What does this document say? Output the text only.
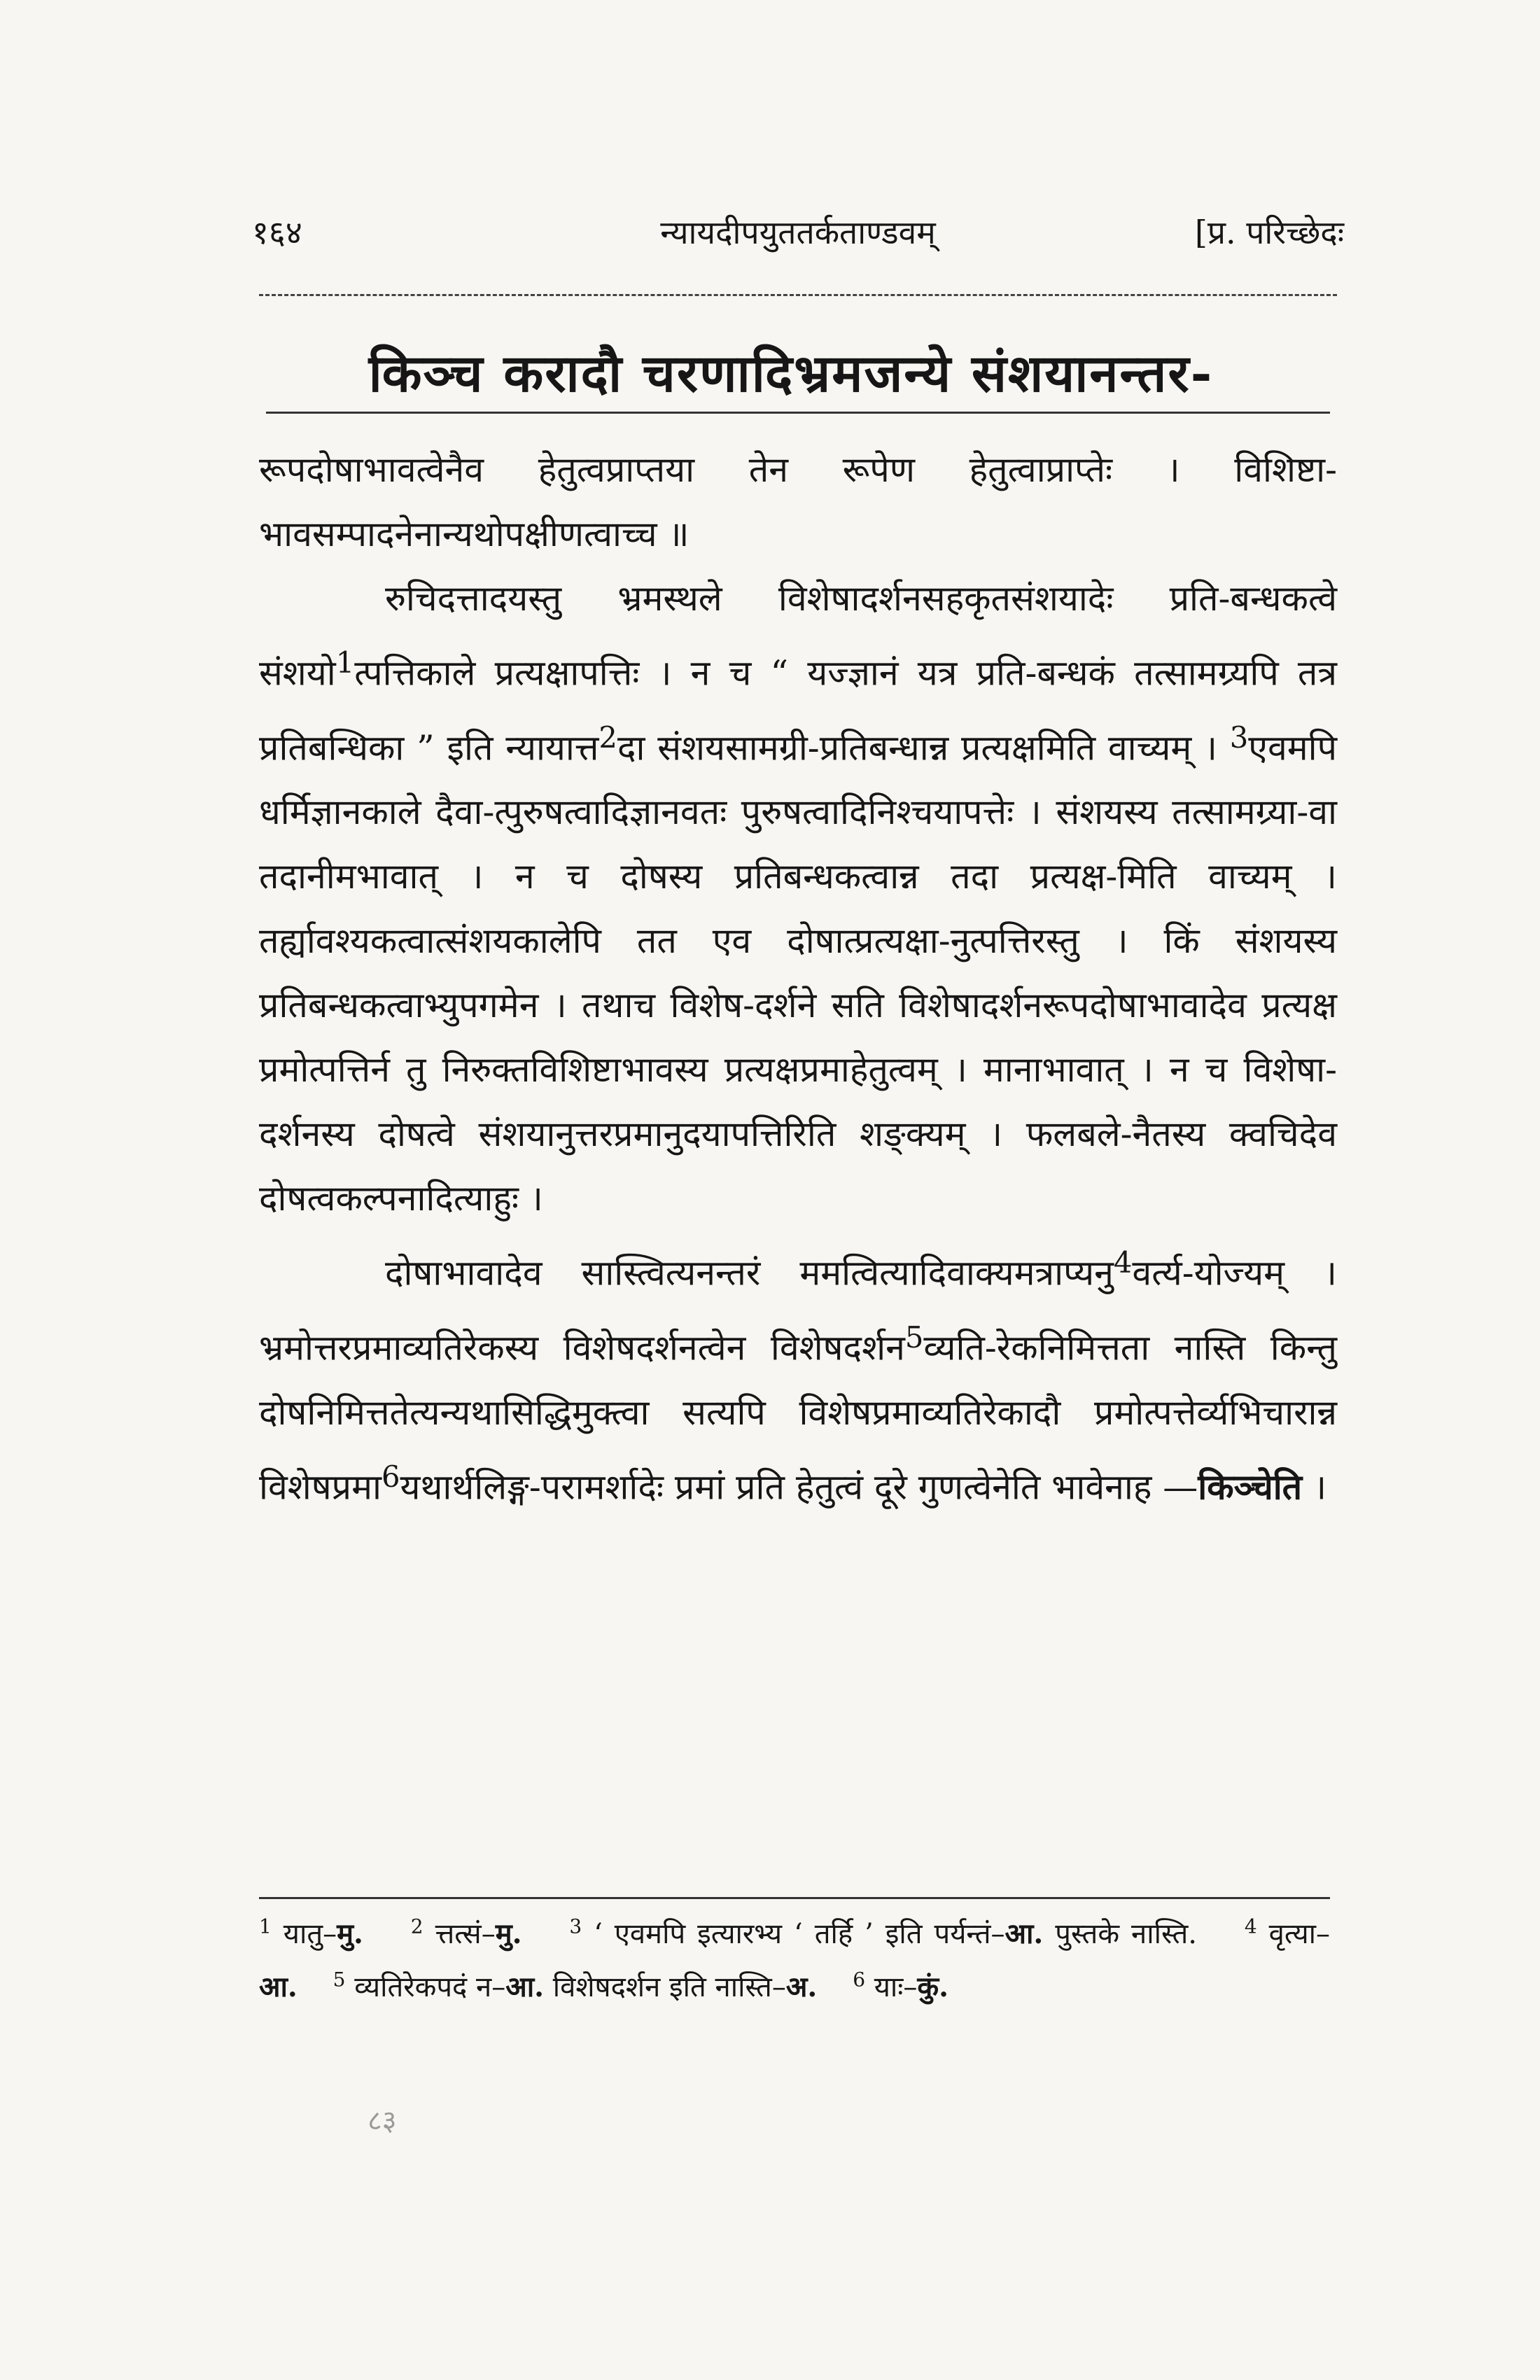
१६४	न्यायदीपयुततर्कताण्डवम्	[प्र. परिच्छेदः
किञ्च करादौ चरणादिभ्रमजन्ये संशयानन्तर-

रूपदोषाभावत्वेनैव हेतुत्वप्राप्तया तेन रूपेण हेतुत्वाप्राप्तेः । विशिष्टा-भावसम्पादनेनान्यथोपक्षीणत्वाच्च ॥

रुचिदत्तादयस्तु भ्रमस्थले विशेषादर्शनसहकृतसंशयादेः प्रति-बन्धकत्वे संशयो$^1$त्पत्तिकाले प्रत्यक्षापत्तिः । न च “ यज्ज्ञानं यत्र प्रति-बन्धकं तत्सामग्र्यपि तत्र प्रतिबन्धिका ” इति न्यायात्त$^2$दा संशयसामग्री-प्रतिबन्धान्न प्रत्यक्षमिति वाच्यम् । $^3$एवमपि धर्मिज्ञानकाले दैवा-त्पुरुषत्वादिज्ञानवतः पुरुषत्वादिनिश्चयापत्तेः । संशयस्य तत्सामग्र्या-वा तदानीमभावात् । न च दोषस्य प्रतिबन्धकत्वान्न तदा प्रत्यक्ष-मिति वाच्यम् । तर्ह्यावश्यकत्वात्संशयकालेपि तत एव दोषात्प्रत्यक्षा-नुत्पत्तिरस्तु । किं संशयस्य प्रतिबन्धकत्वाभ्युपगमेन । तथाच विशेष-दर्शने सति विशेषादर्शनरूपदोषाभावादेव प्रत्यक्ष प्रमोत्पत्तिर्न तु निरुक्तविशिष्टाभावस्य प्रत्यक्षप्रमाहेतुत्वम् । मानाभावात् । न च विशेषा-दर्शनस्य दोषत्वे संशयानुत्तरप्रमानुदयापत्तिरिति शङ्क्यम् । फलबले-नैतस्य क्वचिदेव दोषत्वकल्पनादित्याहुः ।

दोषाभावादेव सास्त्वित्यनन्तरं ममत्वित्यादिवाक्यमत्राप्यनु$^4$वर्त्य-योज्यम् । भ्रमोत्तरप्रमाव्यतिरेकस्य विशेषदर्शनत्वेन विशेषदर्शन$^5$व्यति-रेकनिमित्तता नास्ति किन्तु दोषनिमित्ततेत्यन्यथासिद्धिमुक्त्वा सत्यपि विशेषप्रमाव्यतिरेकादौ प्रमोत्पत्तेर्व्यभिचारान्न विशेषप्रमा$^6$यथार्थलिङ्ग-परामर्शादेः प्रमां प्रति हेतुत्वं दूरे गुणत्वेनेति भावेनाह —किञ्चेति ।

$^1$ यातु–मु. $^2$ त्तत्सं–मु. $^3$ ‘ एवमपि इत्यारभ्य ‘ तर्हि ’ इति पर्यन्तं–आ. पुस्तके नास्ति. $^4$ वृत्या–आ. $^5$ व्यतिरेकपदं न–आ. विशेषदर्शन इति नास्ति–अ. $^6$ याः–कुं.

८३
